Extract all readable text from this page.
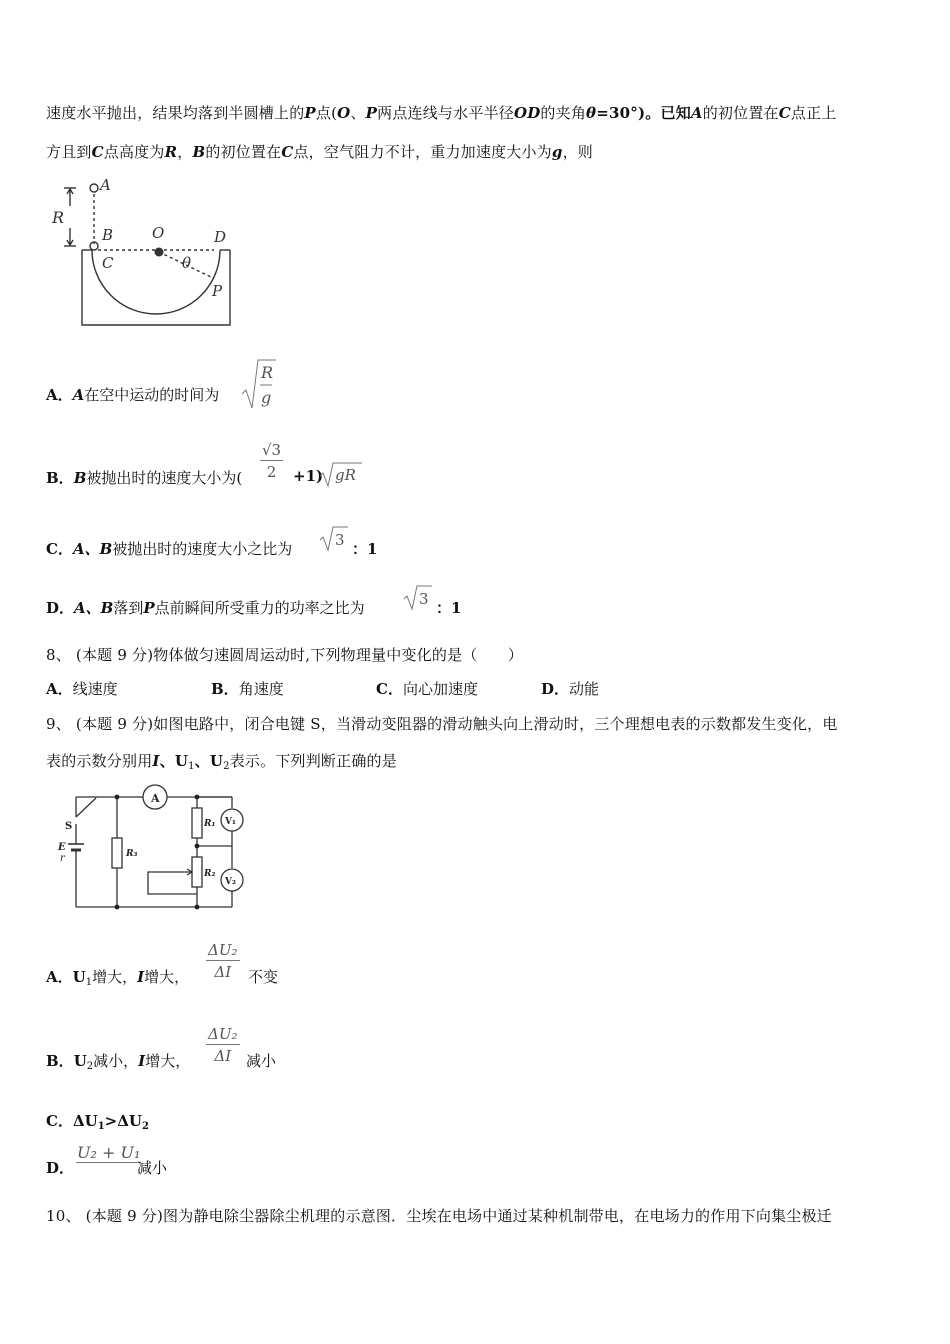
速度水平抛出，结果均落到半圆槽上的P点(O、P两点连线与水平半径OD的夹角θ=30°)。已知A的初位置在C点正上
方且到C点高度为R，B的初位置在C点，空气阻力不计，重力加速度大小为g，则
A
R
B	O	D
C	θ
P
A．A在空中运动的时间为
R
g
B．B被抛出时的速度大小为( $\frac{√3}{2} +1$) gR
C．A、B被抛出时的速度大小之比为	3 ：1
D．A、B落到P点前瞬间所受重力的功率之比为	3 ：1
8、 (本题 9 分)物体做匀速圆周运动时,下列物理量中变化的是（　　）
A．线速度	B．角速度	C．向心加速度	D．动能
9、 (本题 9 分)如图电路中，闭合电键 S，当滑动变阻器的滑动触头向上滑动时，三个理想电表的示数都发生变化，电
表的示数分别用I、$U_1$、$U_2$表示。下列判断正确的是
S
E
r	R₃
R₁
R₂
A
V₁
V₂
A．$U_1$增大，I增大， $\frac{\text{ΔU₂}}{\Delta I}$ 不变
B．$U_2$减小，I增大， $\frac{\text{ΔU₂}}{\Delta I}$ 减小
C．$\Delta U_1>\Delta U_2$
D．
U₂ + U₁
减小
10、 (本题 9 分)图为静电除尘器除尘机理的示意图．尘埃在电场中通过某种机制带电，在电场力的作用下向集尘极迁
